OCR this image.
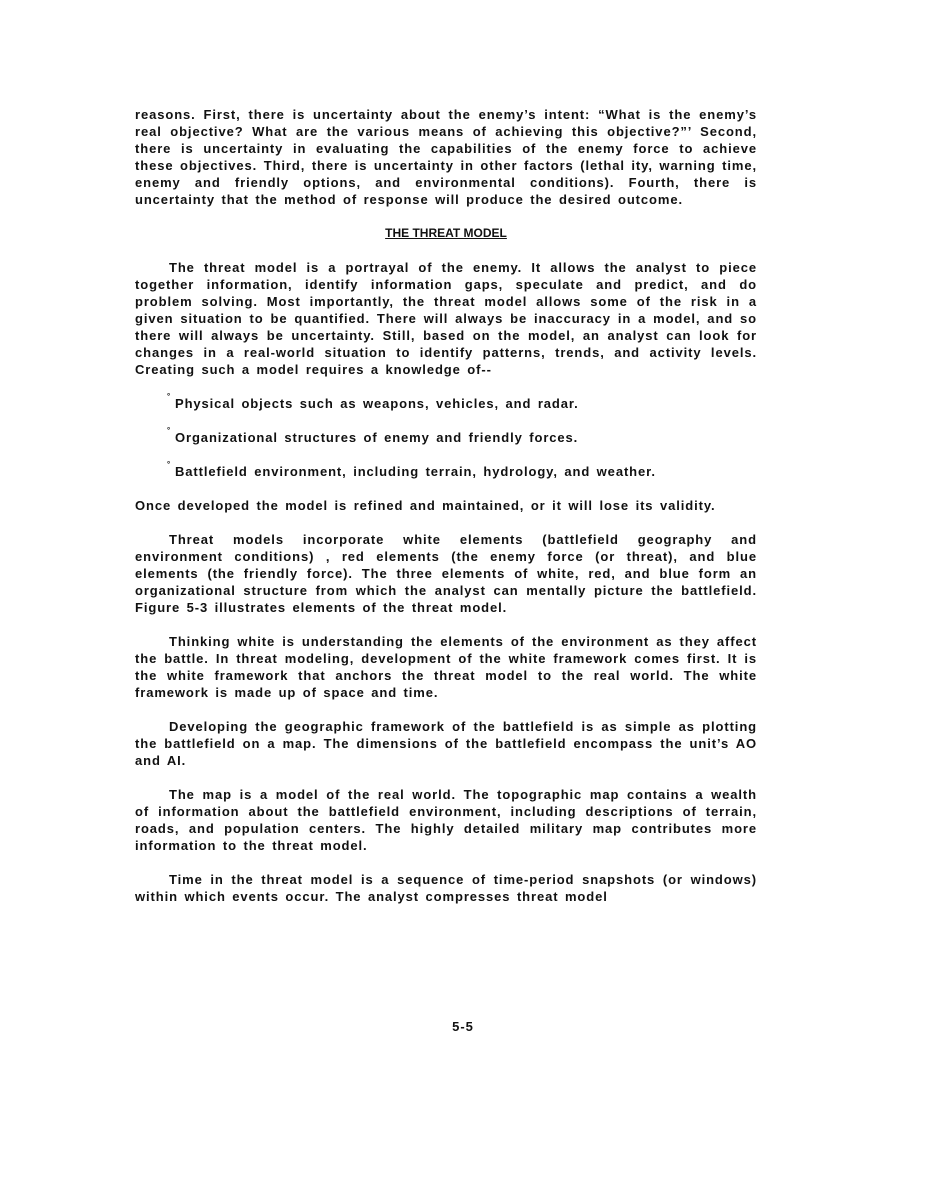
reasons. First, there is uncertainty about the enemy’s intent: “What is the enemy’s real objective? What are the various means of achieving this objective?”’ Second, there is uncertainty in evaluating the capabilities of the enemy force to achieve these objectives. Third, there is uncertainty in other factors (lethal ity, warning time, enemy and friendly options, and environmental conditions). Fourth, there is uncertainty that the method of response will produce the desired outcome.

THE THREAT MODEL

The threat model is a portrayal of the enemy. It allows the analyst to piece together information, identify information gaps, speculate and predict, and do problem solving. Most importantly, the threat model allows some of the risk in a given situation to be quantified. There will always be inaccuracy in a model, and so there will always be uncertainty. Still, based on the model, an analyst can look for changes in a real-world situation to identify patterns, trends, and activity levels. Creating such a model requires a knowledge of--

° Physical objects such as weapons, vehicles, and radar.
° Organizational structures of enemy and friendly forces.
° Battlefield environment, including terrain, hydrology, and weather.

Once developed the model is refined and maintained, or it will lose its validity.

Threat models incorporate white elements (battlefield geography and environment conditions) , red elements (the enemy force (or threat), and blue elements (the friendly force). The three elements of white, red, and blue form an organizational structure from which the analyst can mentally picture the battlefield. Figure 5-3 illustrates elements of the threat model.

Thinking white is understanding the elements of the environment as they affect the battle. In threat modeling, development of the white framework comes first. It is the white framework that anchors the threat model to the real world. The white framework is made up of space and time.

Developing the geographic framework of the battlefield is as simple as plotting the battlefield on a map. The dimensions of the battlefield encompass the unit’s AO and AI.

The map is a model of the real world. The topographic map contains a wealth of information about the battlefield environment, including descriptions of terrain, roads, and population centers. The highly detailed military map contributes more information to the threat model.

Time in the threat model is a sequence of time-period snapshots (or windows) within which events occur. The analyst compresses threat model

5-5
